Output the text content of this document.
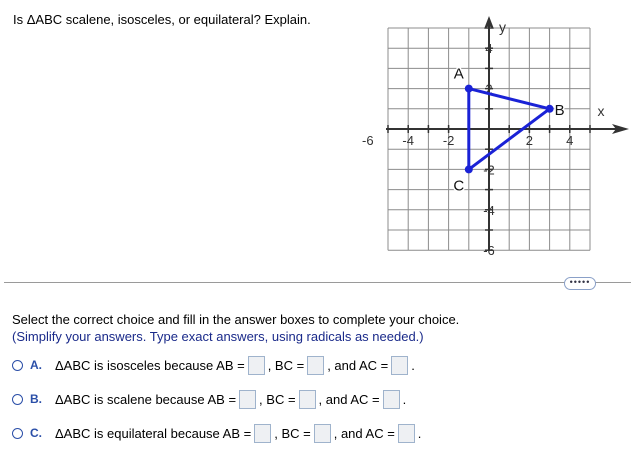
Is ΔABC scalene, isosceles, or equilateral? Explain.
-6 -4 -2	2	4
4
2
-2
-4
-6
x
y
A
B
C
•••••
Select the correct choice and fill in the answer boxes to complete your choice.
(Simplify your answers. Type exact answers, using radicals as needed.)
A.	ΔABC is isosceles because AB = , BC = , and AC = .
B.	ΔABC is scalene because AB = , BC = , and AC = .
C.	ΔABC is equilateral because AB = , BC = , and AC = .
